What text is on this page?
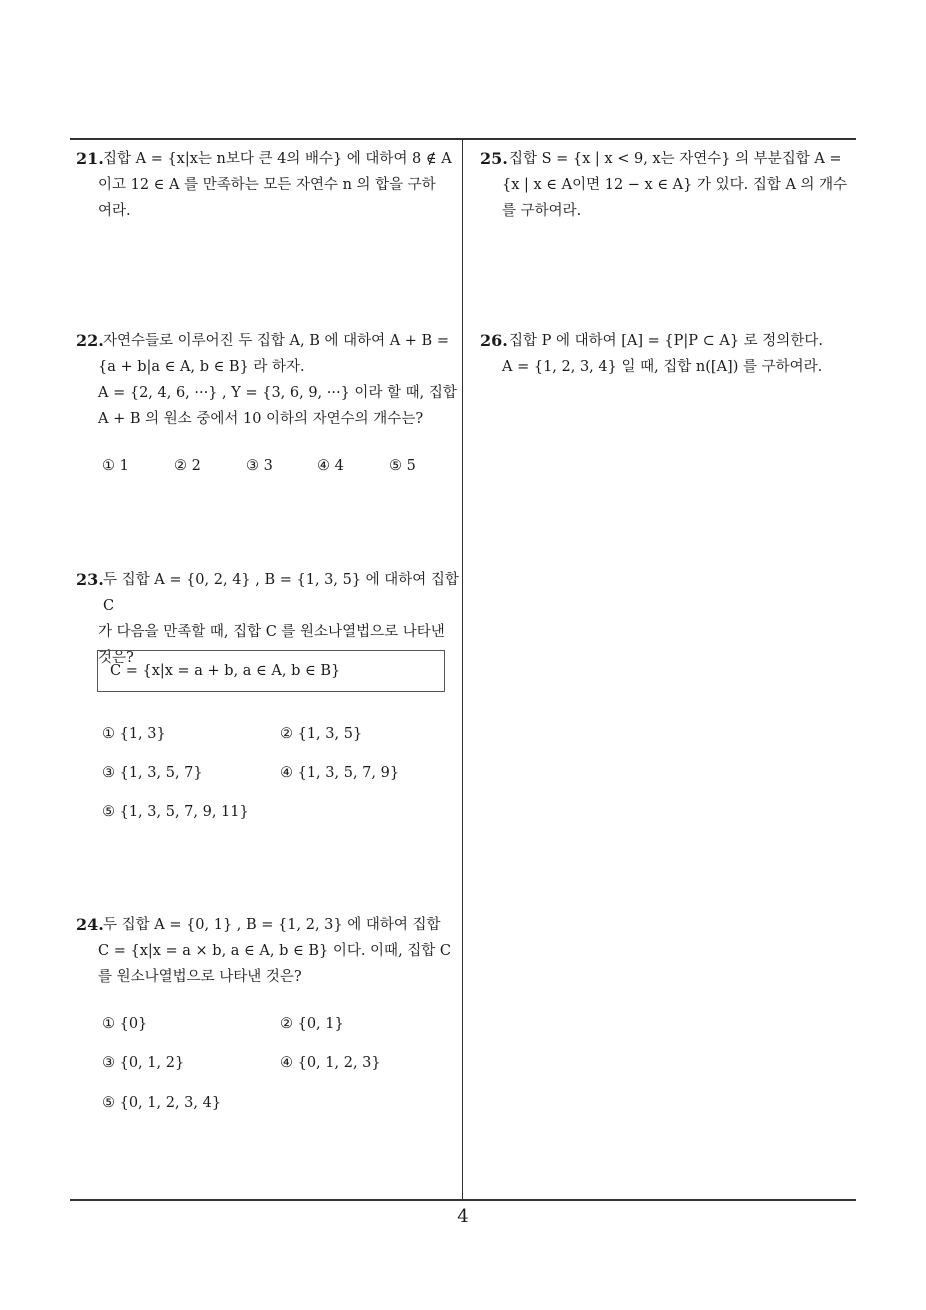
21. 집합 A = {x|x는 n보다 큰 4의 배수} 에 대하여 8 ∉ A
이고 12 ∈ A 를 만족하는 모든 자연수 n 의 합을 구하
여라.
22. 자연수들로 이루어진 두 집합 A, B 에 대하여 A + B =
{a + b|a ∈ A, b ∈ B} 라 하자.
A = {2, 4, 6, ···} , Y = {3, 6, 9, ···} 이라 할 때, 집합
A + B 의 원소 중에서 10 이하의 자연수의 개수는?
① 1	② 2	③ 3	④ 4	⑤ 5
23. 두 집합 A = {0, 2, 4} , B = {1, 3, 5} 에 대하여 집합 C
가 다음을 만족할 때, 집합 C 를 원소나열법으로 나타낸
것은?
C = {x|x = a + b, a ∈ A, b ∈ B}
① {1, 3}	② {1, 3, 5}
③ {1, 3, 5, 7}	④ {1, 3, 5, 7, 9}
⑤ {1, 3, 5, 7, 9, 11}
24. 두 집합 A = {0, 1} , B = {1, 2, 3} 에 대하여 집합
C = {x|x = a × b, a ∈ A, b ∈ B} 이다. 이때, 집합 C
를 원소나열법으로 나타낸 것은?
① {0}	② {0, 1}
③ {0, 1, 2}	④ {0, 1, 2, 3}
⑤ {0, 1, 2, 3, 4}
25. 집합 S = {x | x < 9, x는 자연수} 의 부분집합 A =
{x | x ∈ A이면 12 − x ∈ A} 가 있다. 집합 A 의 개수
를 구하여라.
26. 집합 P 에 대하여 [A] = {P|P ⊂ A} 로 정의한다.
A = {1, 2, 3, 4} 일 때, 집합 n([A]) 를 구하여라.
4
